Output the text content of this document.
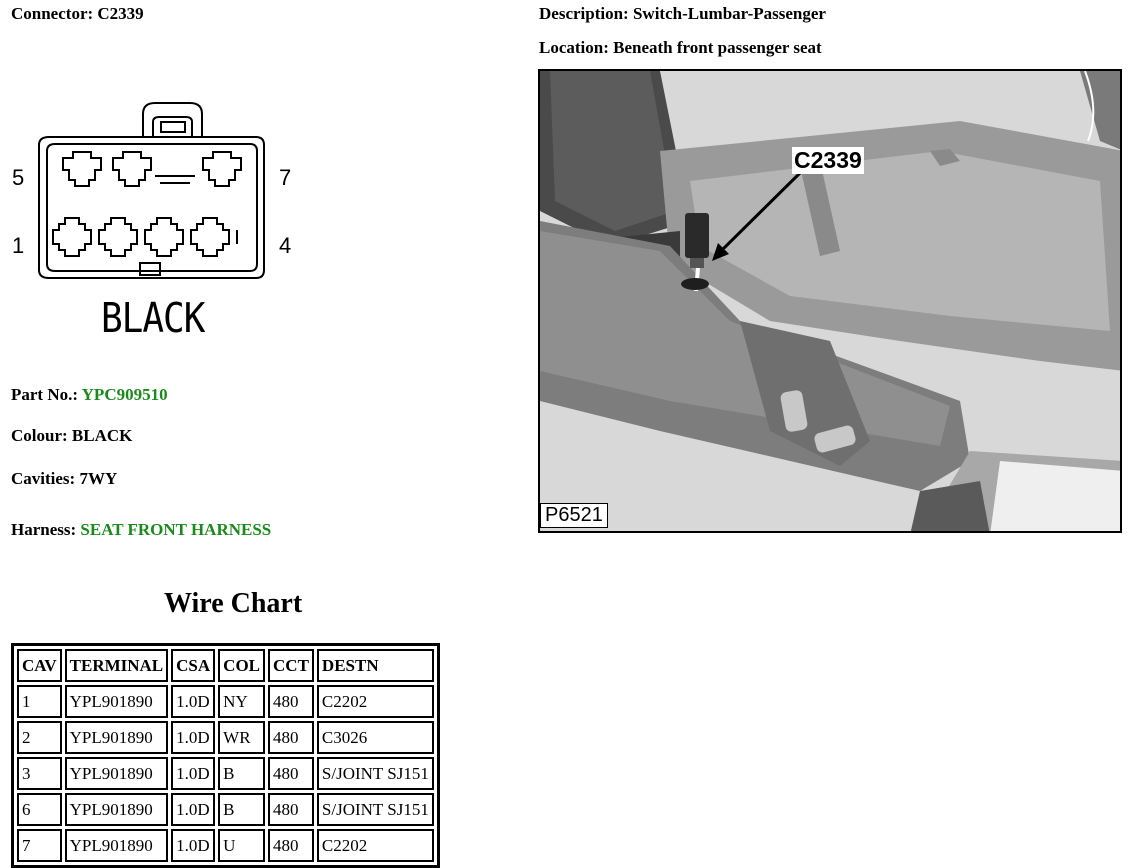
Connector: C2339	Description: Switch-Lumbar-Passenger
Location: Beneath front passenger seat
5	7
1	4
BLACK
Part No.: YPC909510
Colour: BLACK
Cavities: 7WY
Harness: SEAT FRONT HARNESS
C2339
P6521
Wire Chart
CAV	TERMINAL	CSA	COL	CCT	DESTN
1	YPL901890	1.0D	NY	480	C2202
2	YPL901890	1.0D	WR	480	C3026
3	YPL901890	1.0D	B	480	S/JOINT SJ151
6	YPL901890	1.0D	B	480	S/JOINT SJ151
7	YPL901890	1.0D	U	480	C2202
